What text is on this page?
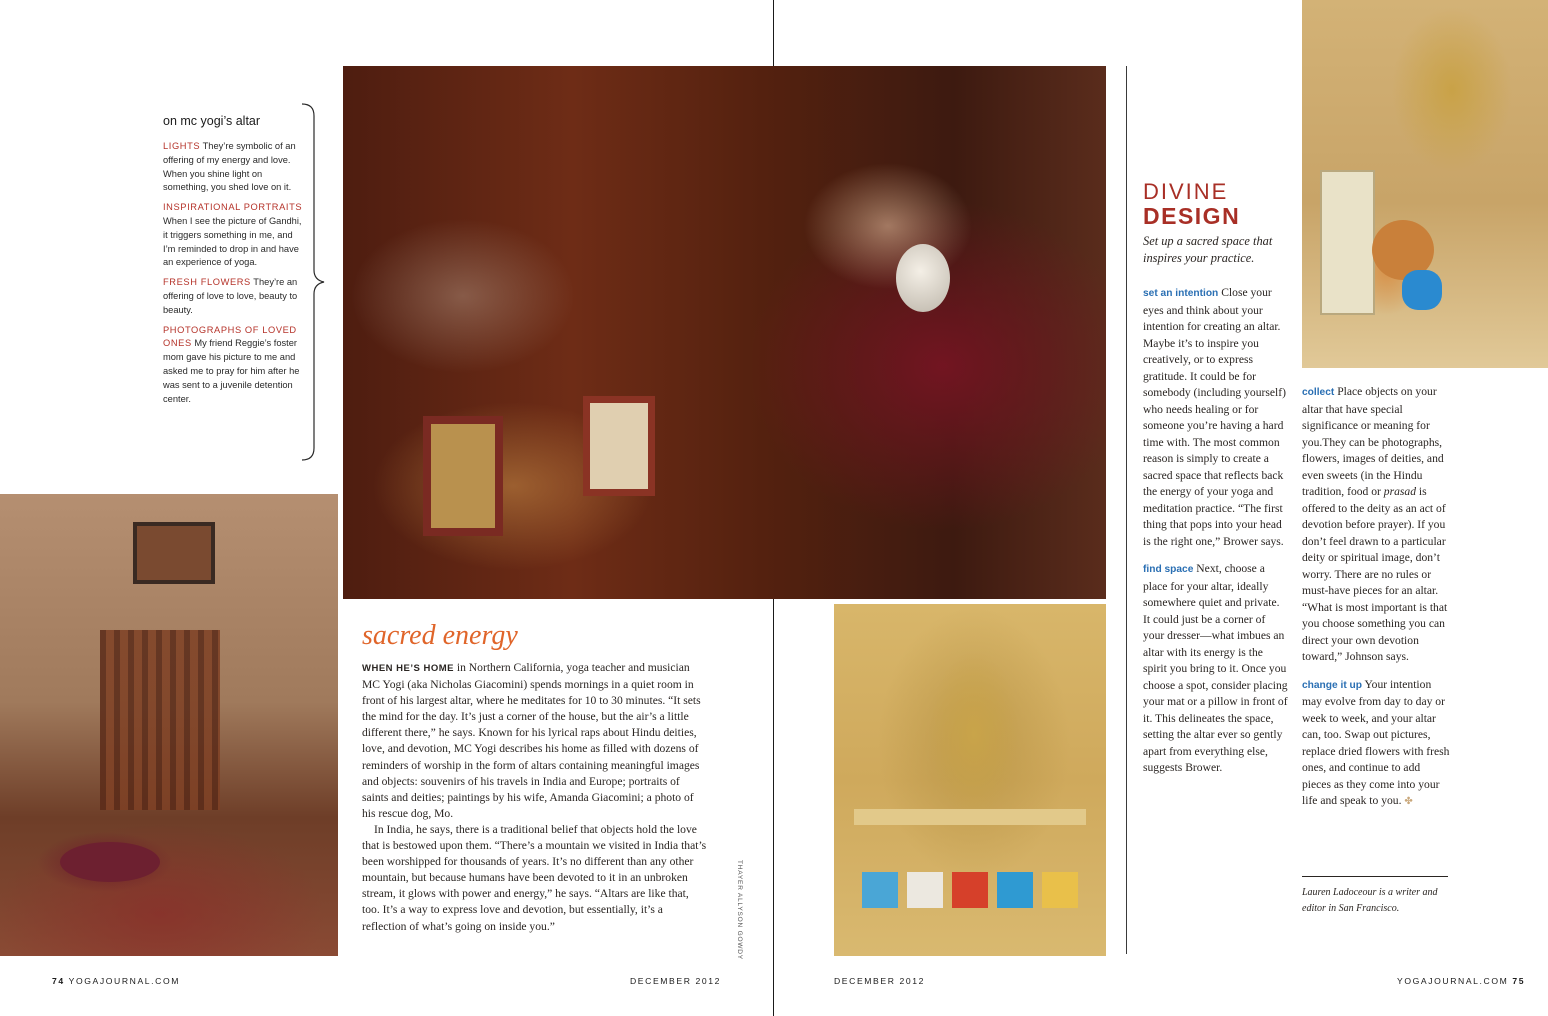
on mc yogi’s altar
LIGHTS They’re symbolic of an offering of my energy and love. When you shine light on something, you shed love on it.
INSPIRATIONAL PORTRAITS When I see the picture of Gandhi, it triggers something in me, and I’m reminded to drop in and have an experience of yoga.
FRESH FLOWERS They’re an offering of love to love, beauty to beauty.
PHOTOGRAPHS OF LOVED ONES My friend Reggie’s foster mom gave his picture to me and asked me to pray for him after he was sent to a juvenile detention center.
sacred energy

WHEN HE’S HOME in Northern California, yoga teacher and musician MC Yogi (aka Nicholas Giacomini) spends mornings in a quiet room in front of his largest altar, where he meditates for 10 to 30 minutes. “It sets the mind for the day. It’s just a corner of the house, but the air’s a little different there,” he says. Known for his lyrical raps about Hindu deities, love, and devotion, MC Yogi describes his home as filled with dozens of reminders of worship in the form of altars containing meaningful images and objects: souvenirs of his travels in India and Europe; portraits of saints and deities; paintings by his wife, Amanda Giacomini; a photo of his rescue dog, Mo.

In India, he says, there is a traditional belief that objects hold the love that is bestowed upon them. “There’s a mountain we visited in India that’s been worshipped for thousands of years. It’s no different than any other mountain, but because humans have been devoted to it in an unbroken stream, it glows with power and energy,” he says. “Altars are like that, too. It’s a way to express love and devotion, but essentially, it’s a reflection of what’s going on inside you.”	THAYER ALLYSON GOWDY
DIVINE
DESIGN
Set up a sacred space that inspires your practice.

set an intention Close your eyes and think about your intention for creating an altar. Maybe it’s to inspire you creatively, or to express gratitude. It could be for somebody (including yourself) who needs healing or for someone you’re having a hard time with. The most common reason is simply to create a sacred space that reflects back the energy of your yoga and meditation practice. “The first thing that pops into your head is the right one,” Brower says.

find space Next, choose a place for your altar, ideally somewhere quiet and private. It could just be a corner of your dresser—what imbues an altar with its energy is the spirit you bring to it. Once you choose a spot, consider placing your mat or a pillow in front of it. This delineates the space, setting the altar ever so gently apart from everything else, suggests Brower.

collect Place objects on your altar that have special significance or meaning for you.They can be photographs, flowers, images of deities, and even sweets (in the Hindu tradition, food or prasad is offered to the deity as an act of devotion before prayer). If you don’t feel drawn to a particular deity or spiritual image, don’t worry. There are no rules or must-have pieces for an altar. “What is most important is that you choose something you can direct your own devotion toward,” Johnson says.

change it up Your intention may evolve from day to day or week to week, and your altar can, too. Swap out pictures, replace dried flowers with fresh ones, and continue to add pieces as they come into your life and speak to you. ✤

Lauren Ladoceour is a writer and editor in San Francisco.
74 YOGAJOURNAL.COM	DECEMBER 2012	DECEMBER 2012	YOGAJOURNAL.COM 75
